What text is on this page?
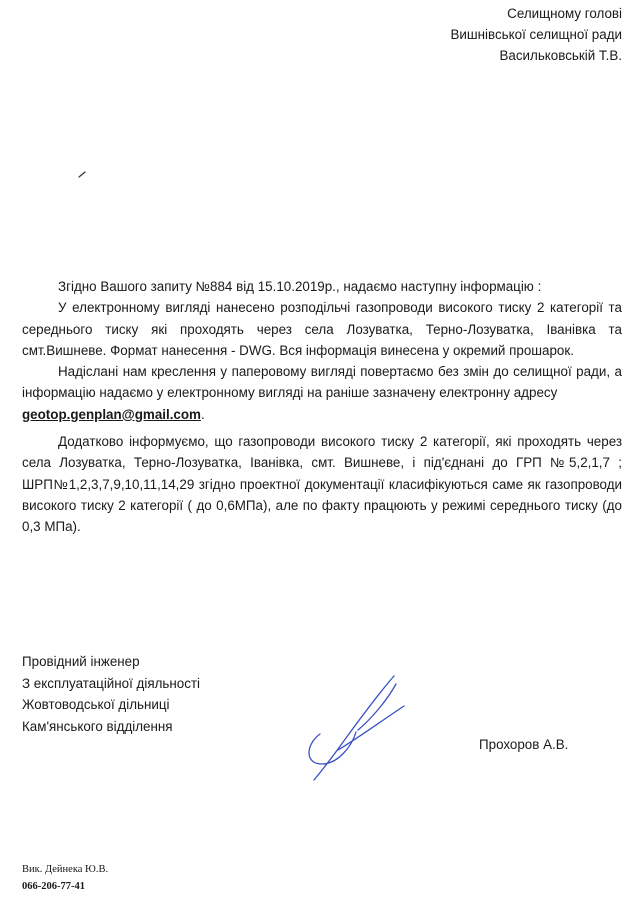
Селищному голові
Вишнівської селищної ради
Васильковській Т.В.

Згідно Вашого запиту №884 від 15.10.2019р., надаємо наступну інформацію :

У електронному вигляді нанесено розподільчі газопроводи високого тиску 2 категорії та середнього тиску які проходять через села Лозуватка, Терно-Лозуватка, Іванівка та смт.Вишневе. Формат нанесення - DWG. Вся інформація винесена у окремий прошарок.

Надіслані нам креслення у паперовому вигляді повертаємо без змін до селищної ради, а інформацію надаємо у електронному вигляді на раніше зазначену електронну адресу
geotop.genplan@gmail.com.

Додатково інформуємо, що газопроводи високого тиску 2 категорії, які проходять через села Лозуватка, Терно-Лозуватка, Іванівка, смт. Вишневе, і під'єднані до ГРП №5,2,1,7 ; ШРП№1,2,3,7,9,10,11,14,29 згідно проектної документації класифікуються саме як газопроводи високого тиску 2 категорії ( до 0,6МПа), але по факту працюють у режимі середнього тиску (до 0,3 МПа).

Провідний інженер
З експлуатаційної діяльності
Жовтоводської дільниці
Кам'янського відділення
Прохоров А.В.
Вик. Дейнека Ю.В.
066-206-77-41
